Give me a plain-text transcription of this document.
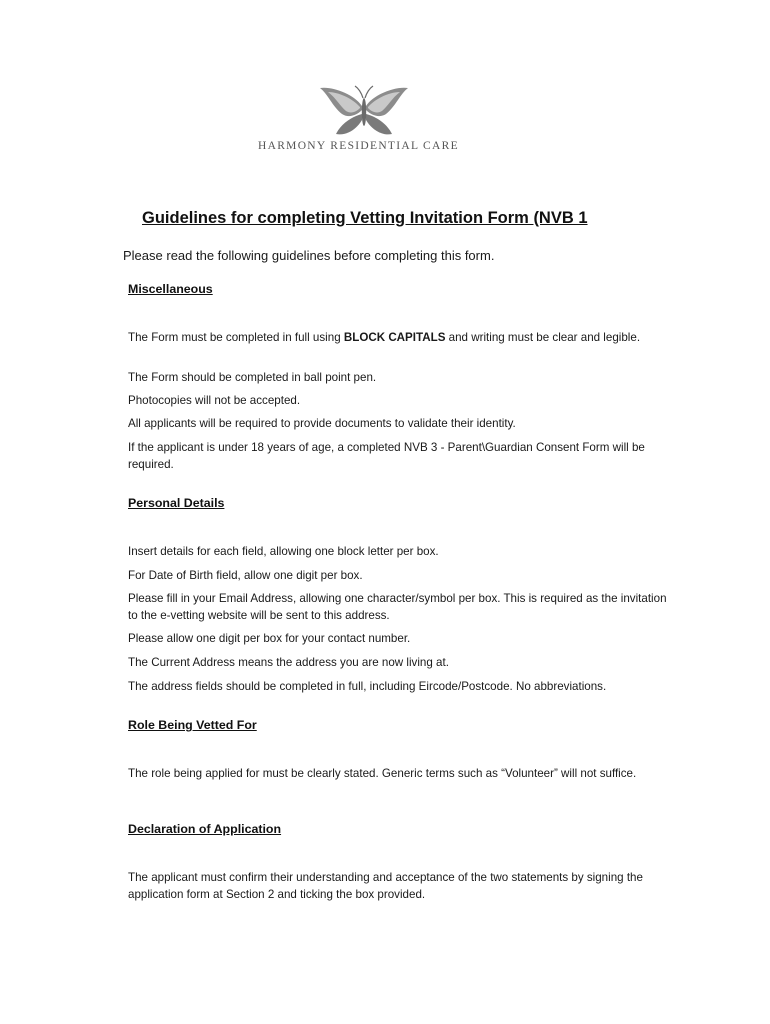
HARMONY RESIDENTIAL CARE
Guidelines for completing Vetting Invitation Form (NVB 1
Please read the following guidelines before completing this form.
Miscellaneous
The Form must be completed in full using BLOCK CAPITALS and writing must be clear and legible.
The Form should be completed in ball point pen.
Photocopies will not be accepted.
All applicants will be required to provide documents to validate their identity.
If the applicant is under 18 years of age, a completed NVB 3 - Parent\Guardian Consent Form will be required.
Personal Details
Insert details for each field, allowing one block letter per box.
For Date of Birth field, allow one digit per box.
Please fill in your Email Address, allowing one character/symbol per box. This is required as the invitation to the e-vetting website will be sent to this address.
Please allow one digit per box for your contact number.
The Current Address means the address you are now living at.
The address fields should be completed in full, including Eircode/Postcode. No abbreviations.
Role Being Vetted For
The role being applied for must be clearly stated. Generic terms such as “Volunteer” will not suffice.
Declaration of Application
The applicant must confirm their understanding and acceptance of the two statements by signing the application form at Section 2 and ticking the box provided.
